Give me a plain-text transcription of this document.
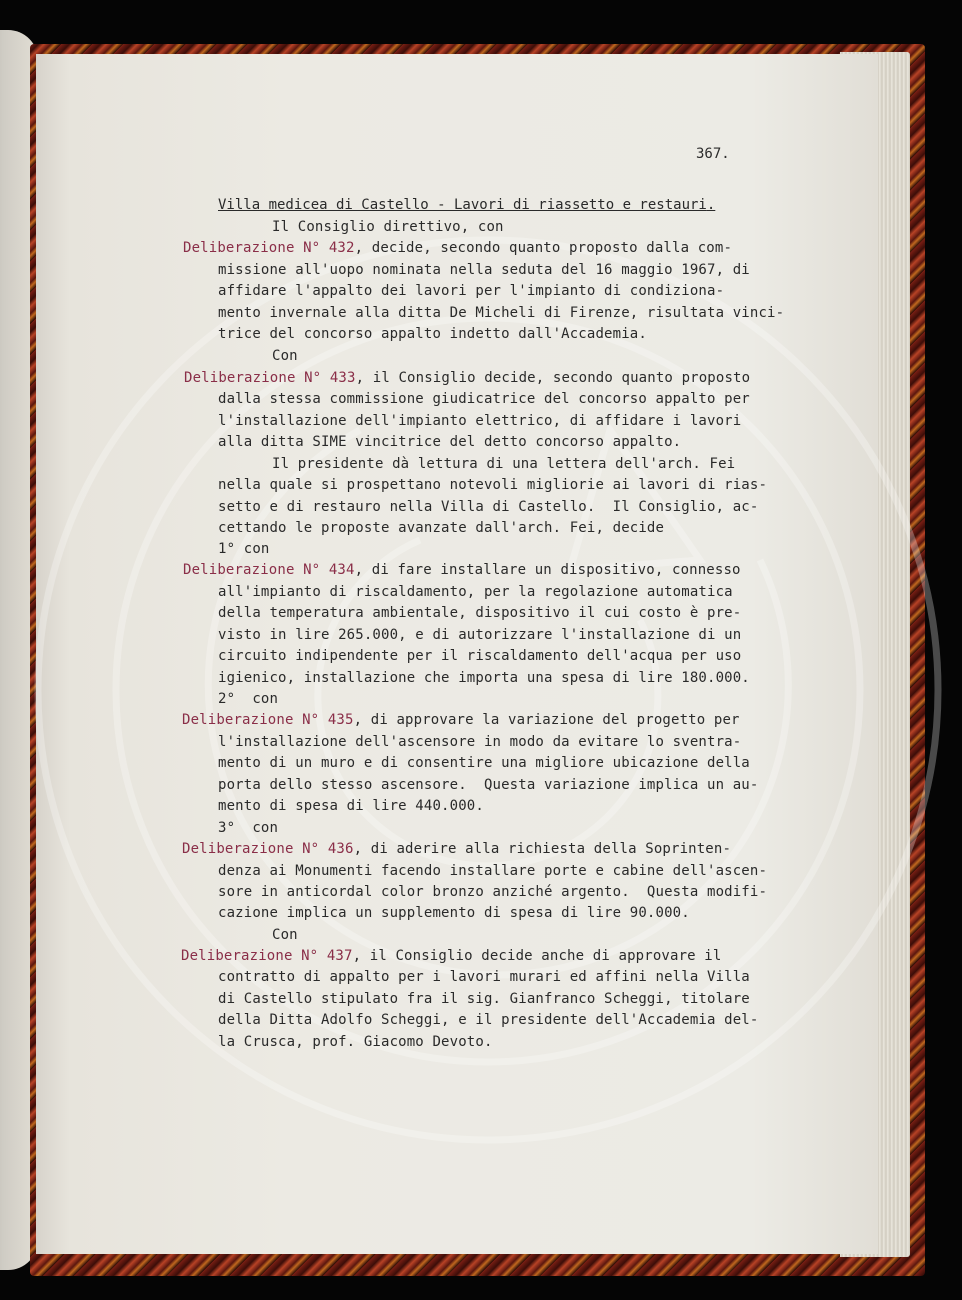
367.
Villa medicea di Castello - Lavori di riassetto e restauri.
Il Consiglio direttivo, con
Deliberazione N° 432, decide, secondo quanto proposto dalla com-
missione all'uopo nominata nella seduta del 16 maggio 1967, di
affidare l'appalto dei lavori per l'impianto di condiziona-
mento invernale alla ditta De Micheli di Firenze, risultata vinci-
trice del concorso appalto indetto dall'Accademia.
Con
Deliberazione N° 433, il Consiglio decide, secondo quanto proposto
dalla stessa commissione giudicatrice del concorso appalto per
l'installazione dell'impianto elettrico, di affidare i lavori
alla ditta SIME vincitrice del detto concorso appalto.
Il presidente dà lettura di una lettera dell'arch. Fei
nella quale si prospettano notevoli migliorie ai lavori di rias-
setto e di restauro nella Villa di Castello.  Il Consiglio, ac-
cettando le proposte avanzate dall'arch. Fei, decide
1° con
Deliberazione N° 434, di fare installare un dispositivo, connesso
all'impianto di riscaldamento, per la regolazione automatica
della temperatura ambientale, dispositivo il cui costo è pre-
visto in lire 265.000, e di autorizzare l'installazione di un
circuito indipendente per il riscaldamento dell'acqua per uso
igienico, installazione che importa una spesa di lire 180.000.
2°  con
Deliberazione N° 435, di approvare la variazione del progetto per
l'installazione dell'ascensore in modo da evitare lo sventra-
mento di un muro e di consentire una migliore ubicazione della
porta dello stesso ascensore.  Questa variazione implica un au-
mento di spesa di lire 440.000.
3°  con
Deliberazione N° 436, di aderire alla richiesta della Soprinten-
denza ai Monumenti facendo installare porte e cabine dell'ascen-
sore in anticordal color bronzo anziché argento.  Questa modifi-
cazione implica un supplemento di spesa di lire 90.000.
Con
Deliberazione N° 437, il Consiglio decide anche di approvare il
contratto di appalto per i lavori murari ed affini nella Villa
di Castello stipulato fra il sig. Gianfranco Scheggi, titolare
della Ditta Adolfo Scheggi, e il presidente dell'Accademia del-
la Crusca, prof. Giacomo Devoto.
